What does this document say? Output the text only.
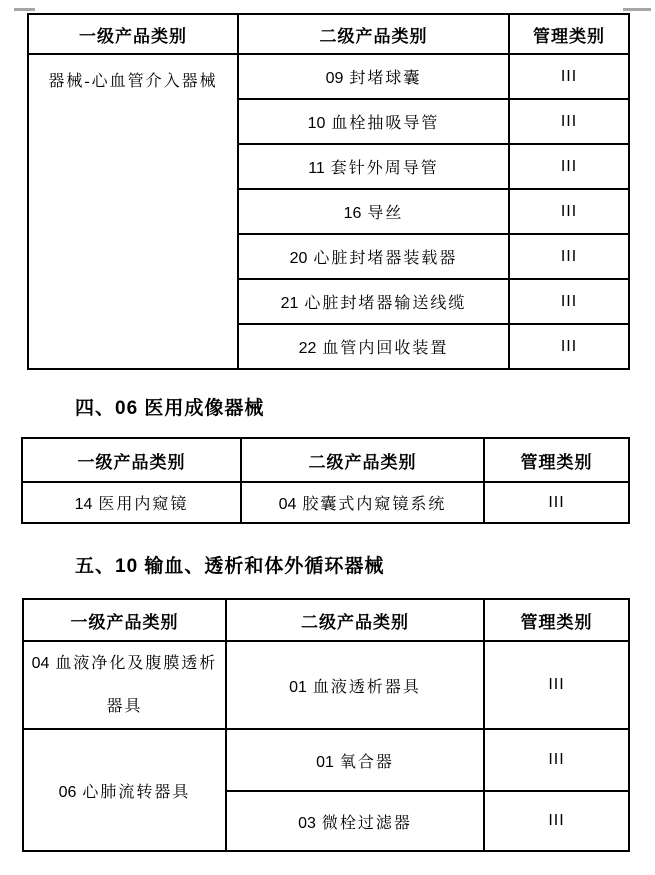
一级产品类别	二级产品类别	管理类别
器械-心血管介入器械	09 封堵球囊	III
	10 血栓抽吸导管	III
	11 套针外周导管	III
	16 导丝	III
	20 心脏封堵器装载器	III
	21 心脏封堵器输送线缆	III
	22 血管内回收装置	III
四、06 医用成像器械
一级产品类别	二级产品类别	管理类别
14 医用内窥镜	04 胶囊式内窥镜系统	III
五、10 输血、透析和体外循环器械
一级产品类别	二级产品类别	管理类别
04 血液净化及腹膜透析器具	01 血液透析器具	III
06 心肺流转器具	01 氧合器	III
	03 微栓过滤器	III
